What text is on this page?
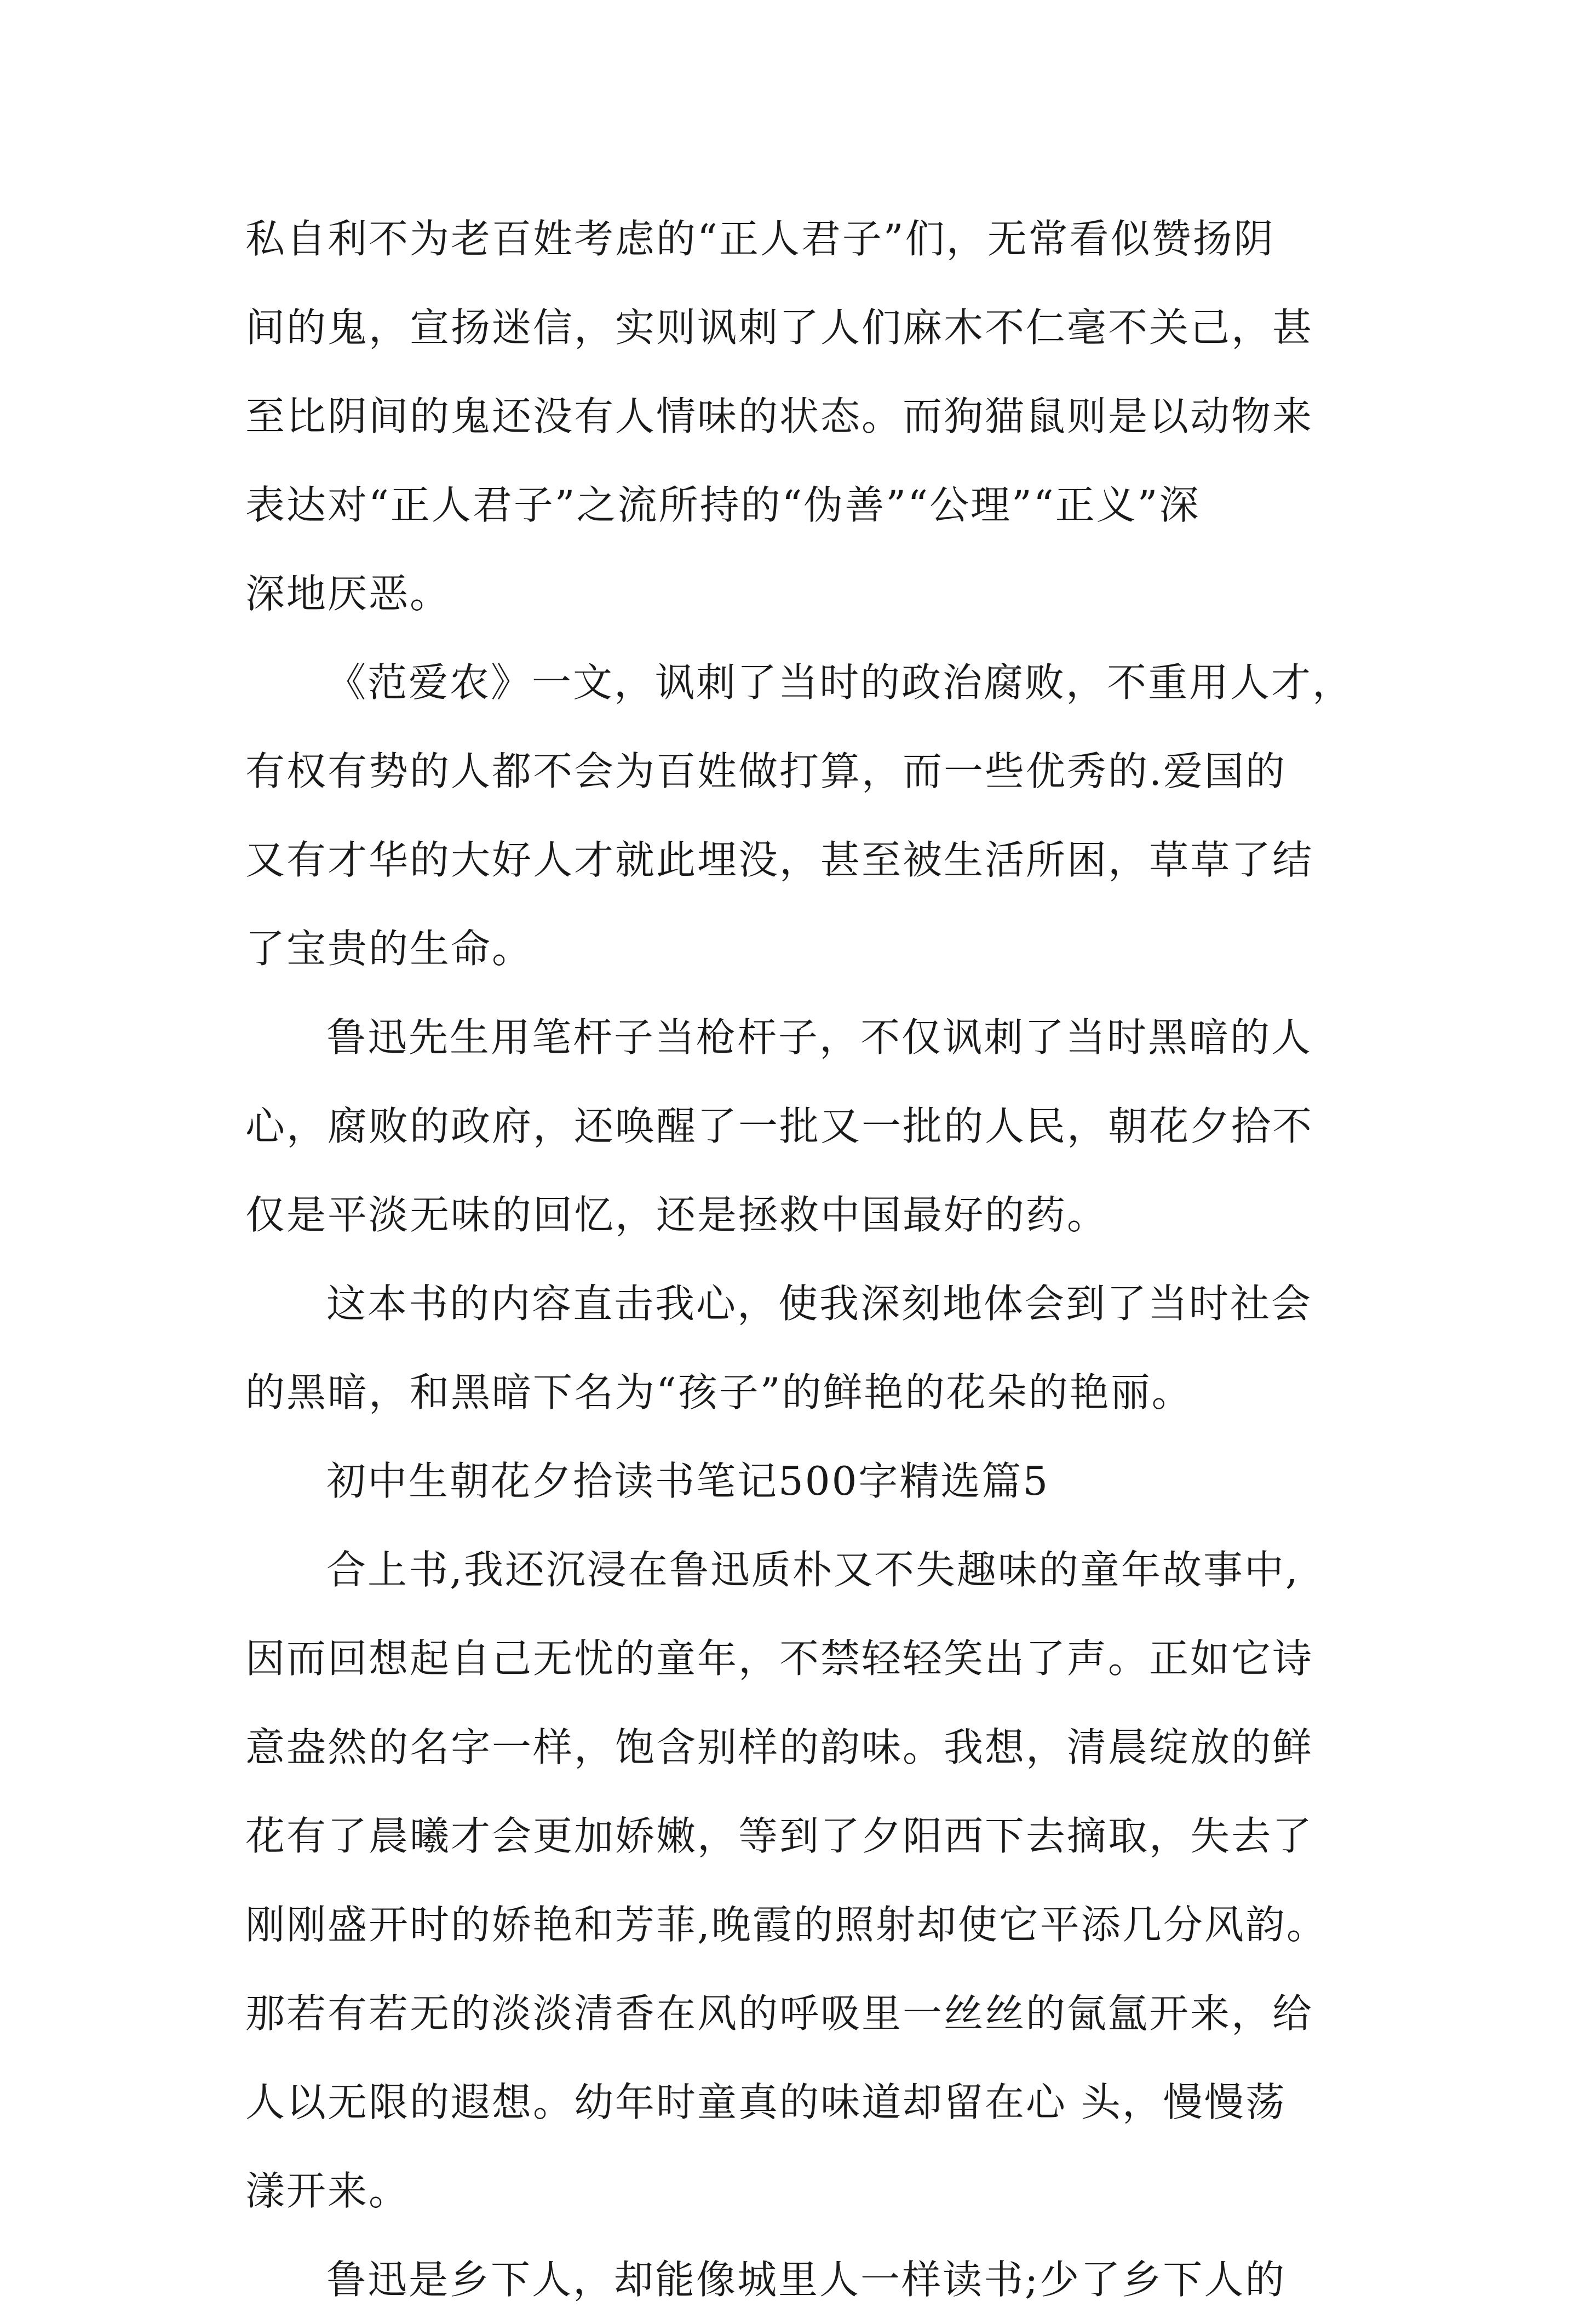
私自利不为老百姓考虑的“正人君子”们，无常看似赞扬阴
间的鬼，宣扬迷信，实则讽刺了人们麻木不仁毫不关己，甚
至比阴间的鬼还没有人情味的状态。而狗猫鼠则是以动物来
表达对“正人君子”之流所持的“伪善”“公理”“正义”深
深地厌恶。
《范爱农》一文，讽刺了当时的政治腐败，不重用人才，
有权有势的人都不会为百姓做打算，而一些优秀的.爱国的
又有才华的大好人才就此埋没，甚至被生活所困，草草了结
了宝贵的生命。
鲁迅先生用笔杆子当枪杆子，不仅讽刺了当时黑暗的人
心，腐败的政府，还唤醒了一批又一批的人民，朝花夕拾不
仅是平淡无味的回忆，还是拯救中国最好的药。
这本书的内容直击我心，使我深刻地体会到了当时社会
的黑暗，和黑暗下名为“孩子”的鲜艳的花朵的艳丽。
初中生朝花夕拾读书笔记500字精选篇5
合上书,我还沉浸在鲁迅质朴又不失趣味的童年故事中,
因而回想起自己无忧的童年，不禁轻轻笑出了声。正如它诗
意盎然的名字一样，饱含别样的韵味。我想，清晨绽放的鲜
花有了晨曦才会更加娇嫩，等到了夕阳西下去摘取，失去了
刚刚盛开时的娇艳和芳菲,晚霞的照射却使它平添几分风韵。
那若有若无的淡淡清香在风的呼吸里一丝丝的氤氲开来，给
人以无限的遐想。幼年时童真的味道却留在心 头，慢慢荡
漾开来。
鲁迅是乡下人，却能像城里人一样读书;少了乡下人的
